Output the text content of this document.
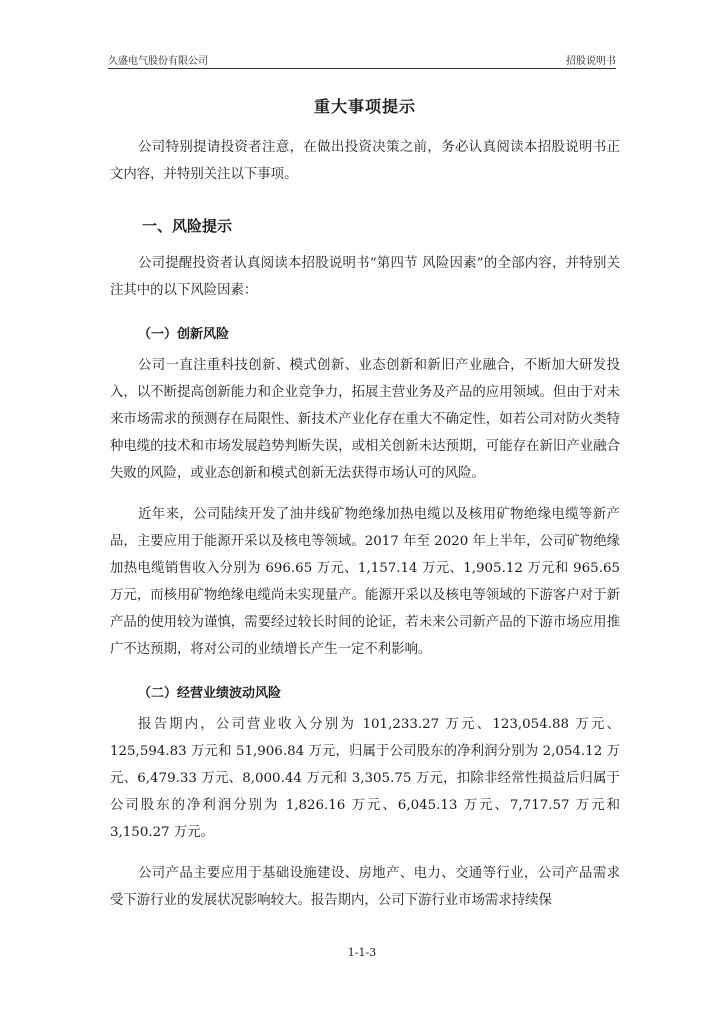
久盛电气股份有限公司	招股说明书
重大事项提示

公司特别提请投资者注意，在做出投资决策之前，务必认真阅读本招股说明书正文内容，并特别关注以下事项。

一、风险提示

公司提醒投资者认真阅读本招股说明书“第四节 风险因素”的全部内容，并特别关注其中的以下风险因素：

（一）创新风险

公司一直注重科技创新、模式创新、业态创新和新旧产业融合，不断加大研发投入，以不断提高创新能力和企业竞争力，拓展主营业务及产品的应用领域。但由于对未来市场需求的预测存在局限性、新技术产业化存在重大不确定性，如若公司对防火类特种电缆的技术和市场发展趋势判断失误，或相关创新未达预期，可能存在新旧产业融合失败的风险，或业态创新和模式创新无法获得市场认可的风险。

近年来，公司陆续开发了油井线矿物绝缘加热电缆以及核用矿物绝缘电缆等新产品，主要应用于能源开采以及核电等领域。2017 年至 2020 年上半年，公司矿物绝缘加热电缆销售收入分别为 696.65 万元、1,157.14 万元、1,905.12 万元和 965.65 万元，而核用矿物绝缘电缆尚未实现量产。能源开采以及核电等领域的下游客户对于新产品的使用较为谨慎，需要经过较长时间的论证，若未来公司新产品的下游市场应用推广不达预期，将对公司的业绩增长产生一定不利影响。

（二）经营业绩波动风险

报告期内，公司营业收入分别为 101,233.27 万元、123,054.88 万元、125,594.83 万元和 51,906.84 万元，归属于公司股东的净利润分别为 2,054.12 万元、6,479.33 万元、8,000.44 万元和 3,305.75 万元，扣除非经常性损益后归属于公司股东的净利润分别为 1,826.16 万元、6,045.13 万元、7,717.57 万元和 3,150.27 万元。

公司产品主要应用于基础设施建设、房地产、电力、交通等行业，公司产品需求受下游行业的发展状况影响较大。报告期内，公司下游行业市场需求持续保

1-1-3
